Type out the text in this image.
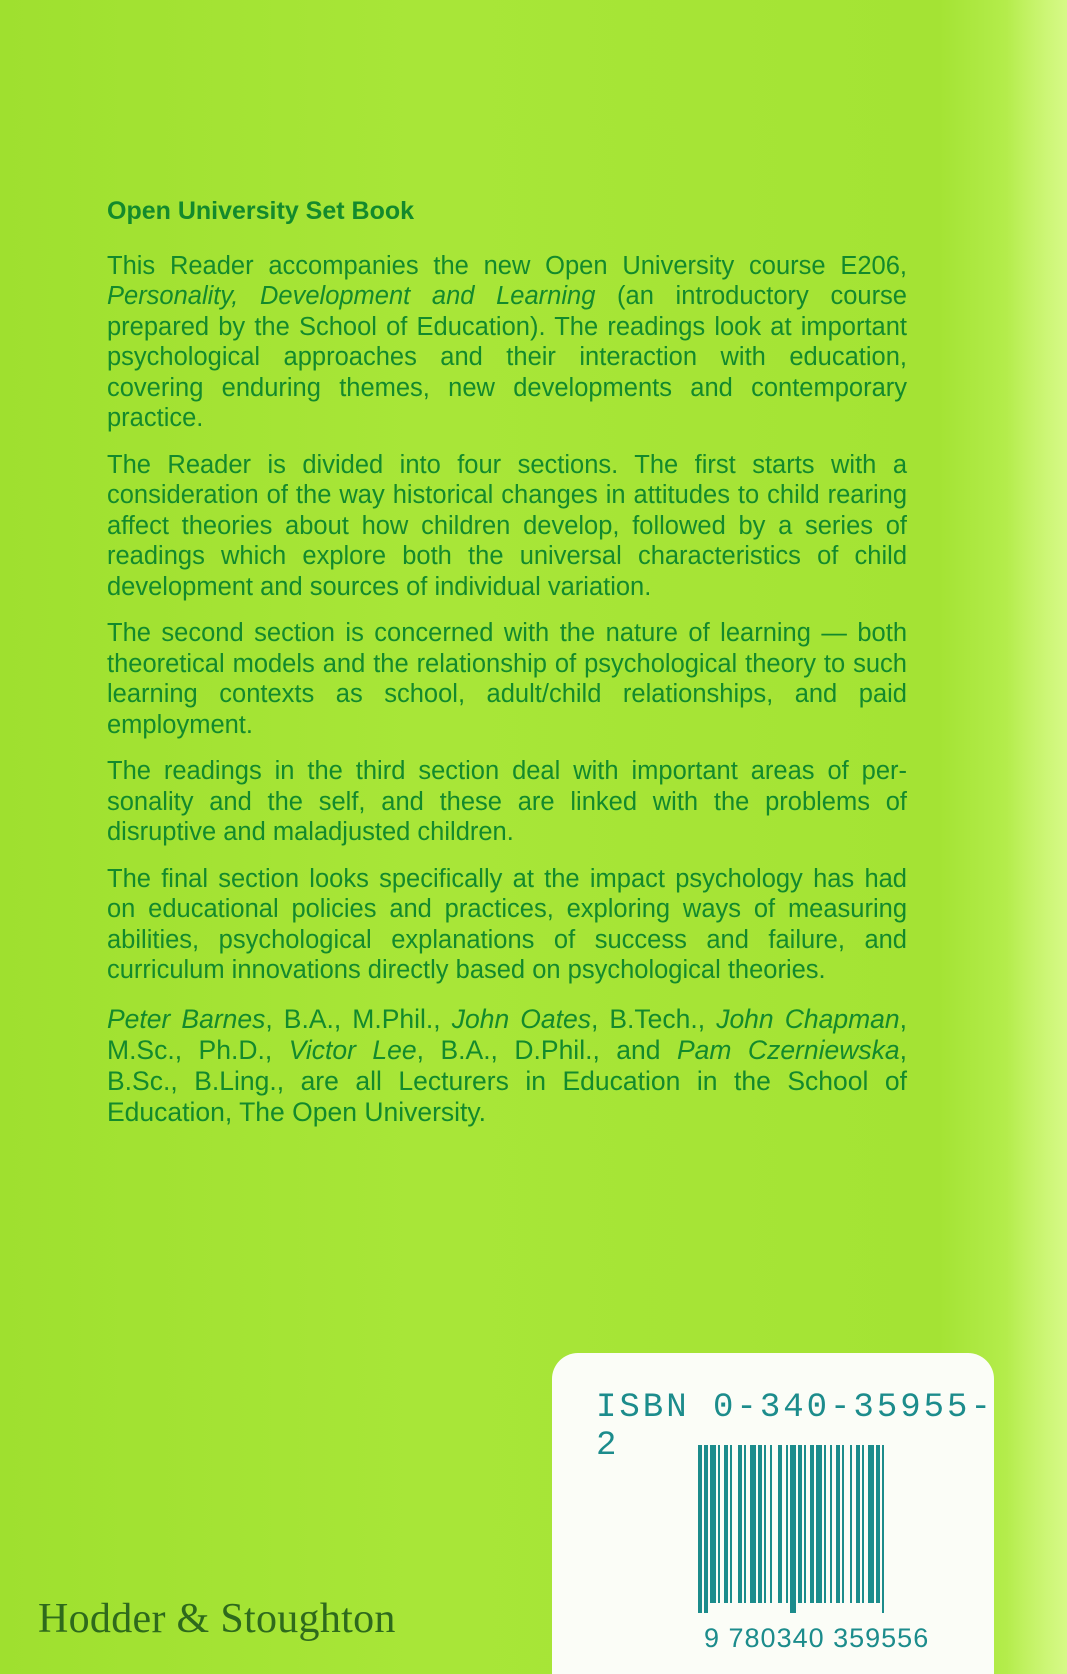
Open University Set Book

This Reader accompanies the new Open University course E206, Personality, Development and Learning (an introductory course prepared by the School of Education). The readings look at important psychological approaches and their interaction with education, covering enduring themes, new developments and contemporary practice.

The Reader is divided into four sections. The first starts with a consideration of the way historical changes in attitudes to child rearing affect theories about how children develop, followed by a series of readings which explore both the universal characteristics of child development and sources of individual variation.

The second section is concerned with the nature of learning — both theoretical models and the relationship of psychological theory to such learning contexts as school, adult/child relationships, and paid employment.

The readings in the third section deal with important areas of per-sonality and the self, and these are linked with the problems of disruptive and maladjusted children.

The final section looks specifically at the impact psychology has had on educational policies and practices, exploring ways of measuring abilities, psychological explanations of success and failure, and curriculum innovations directly based on psychological theories.

Peter Barnes, B.A., M.Phil., John Oates, B.Tech., John Chapman, M.Sc., Ph.D., Victor Lee, B.A., D.Phil., and Pam Czerniewska, B.Sc., B.Ling., are all Lecturers in Education in the School of Education, The Open University.

Hodder & Stoughton
ISBN 0-340-35955-2
9 780340 359556
